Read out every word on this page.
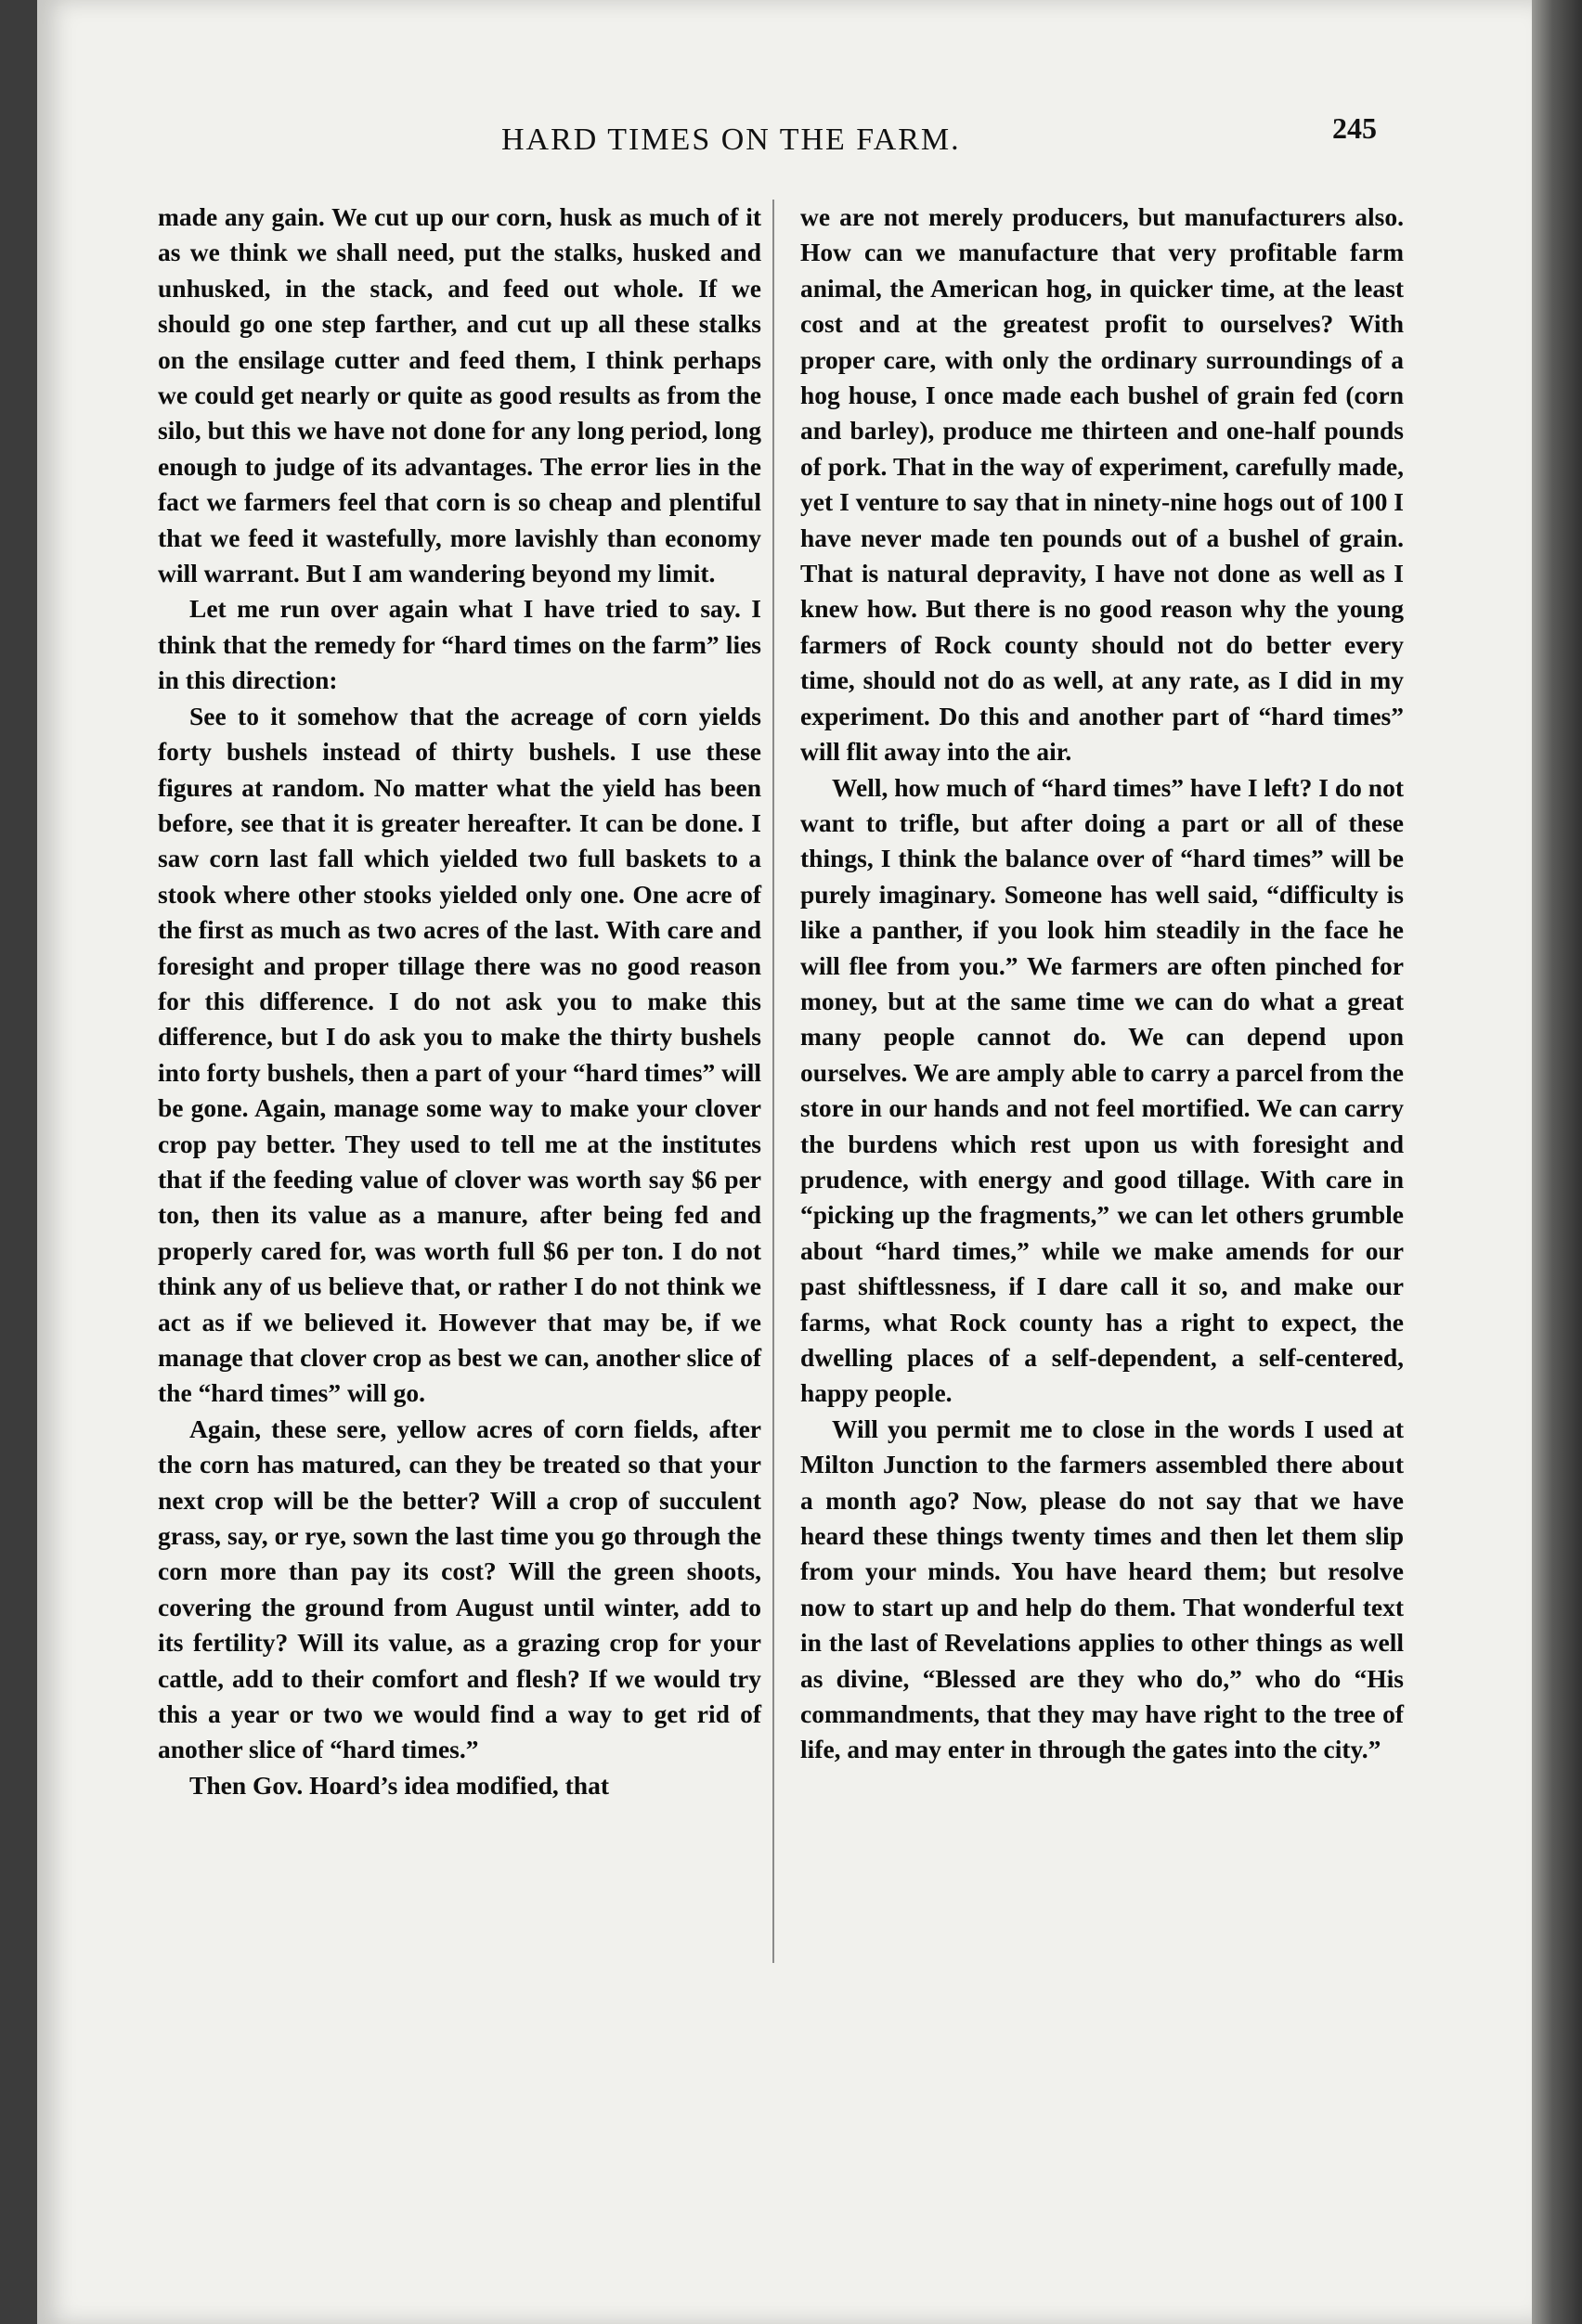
HARD TIMES ON THE FARM.	245

made any gain. We cut up our corn, husk as much of it as we think we shall need, put the stalks, husked and unhusked, in the stack, and feed out whole. If we should go one step farther, and cut up all these stalks on the ensilage cutter and feed them, I think perhaps we could get nearly or quite as good results as from the silo, but this we have not done for any long period, long enough to judge of its advantages. The error lies in the fact we farmers feel that corn is so cheap and plentiful that we feed it wastefully, more lavishly than economy will warrant. But I am wandering beyond my limit.

Let me run over again what I have tried to say. I think that the remedy for “hard times on the farm” lies in this direction:

See to it somehow that the acreage of corn yields forty bushels instead of thirty bushels. I use these figures at random. No matter what the yield has been before, see that it is greater hereafter. It can be done. I saw corn last fall which yielded two full baskets to a stook where other stooks yielded only one. One acre of the first as much as two acres of the last. With care and foresight and proper tillage there was no good reason for this difference. I do not ask you to make this difference, but I do ask you to make the thirty bushels into forty bushels, then a part of your “hard times” will be gone. Again, manage some way to make your clover crop pay better. They used to tell me at the institutes that if the feeding value of clover was worth say $6 per ton, then its value as a manure, after being fed and properly cared for, was worth full $6 per ton. I do not think any of us believe that, or rather I do not think we act as if we believed it. However that may be, if we manage that clover crop as best we can, another slice of the “hard times” will go.

Again, these sere, yellow acres of corn fields, after the corn has matured, can they be treated so that your next crop will be the better? Will a crop of succulent grass, say, or rye, sown the last time you go through the corn more than pay its cost? Will the green shoots, covering the ground from August until winter, add to its fertility? Will its value, as a grazing crop for your cattle, add to their comfort and flesh? If we would try this a year or two we would find a way to get rid of another slice of “hard times.”

Then Gov. Hoard’s idea modified, that

we are not merely producers, but manufacturers also. How can we manufacture that very profitable farm animal, the American hog, in quicker time, at the least cost and at the greatest profit to ourselves? With proper care, with only the ordinary surroundings of a hog house, I once made each bushel of grain fed (corn and barley), produce me thirteen and one-half pounds of pork. That in the way of experiment, carefully made, yet I venture to say that in ninety-nine hogs out of 100 I have never made ten pounds out of a bushel of grain. That is natural depravity, I have not done as well as I knew how. But there is no good reason why the young farmers of Rock county should not do better every time, should not do as well, at any rate, as I did in my experiment. Do this and another part of “hard times” will flit away into the air.

Well, how much of “hard times” have I left? I do not want to trifle, but after doing a part or all of these things, I think the balance over of “hard times” will be purely imaginary. Someone has well said, “difficulty is like a panther, if you look him steadily in the face he will flee from you.” We farmers are often pinched for money, but at the same time we can do what a great many people cannot do. We can depend upon ourselves. We are amply able to carry a parcel from the store in our hands and not feel mortified. We can carry the burdens which rest upon us with foresight and prudence, with energy and good tillage. With care in “picking up the fragments,” we can let others grumble about “hard times,” while we make amends for our past shiftlessness, if I dare call it so, and make our farms, what Rock county has a right to expect, the dwelling places of a self-dependent, a self-centered, happy people.

Will you permit me to close in the words I used at Milton Junction to the farmers assembled there about a month ago? Now, please do not say that we have heard these things twenty times and then let them slip from your minds. You have heard them; but resolve now to start up and help do them. That wonderful text in the last of Revelations applies to other things as well as divine, “Blessed are they who do,” who do “His commandments, that they may have right to the tree of life, and may enter in through the gates into the city.”
